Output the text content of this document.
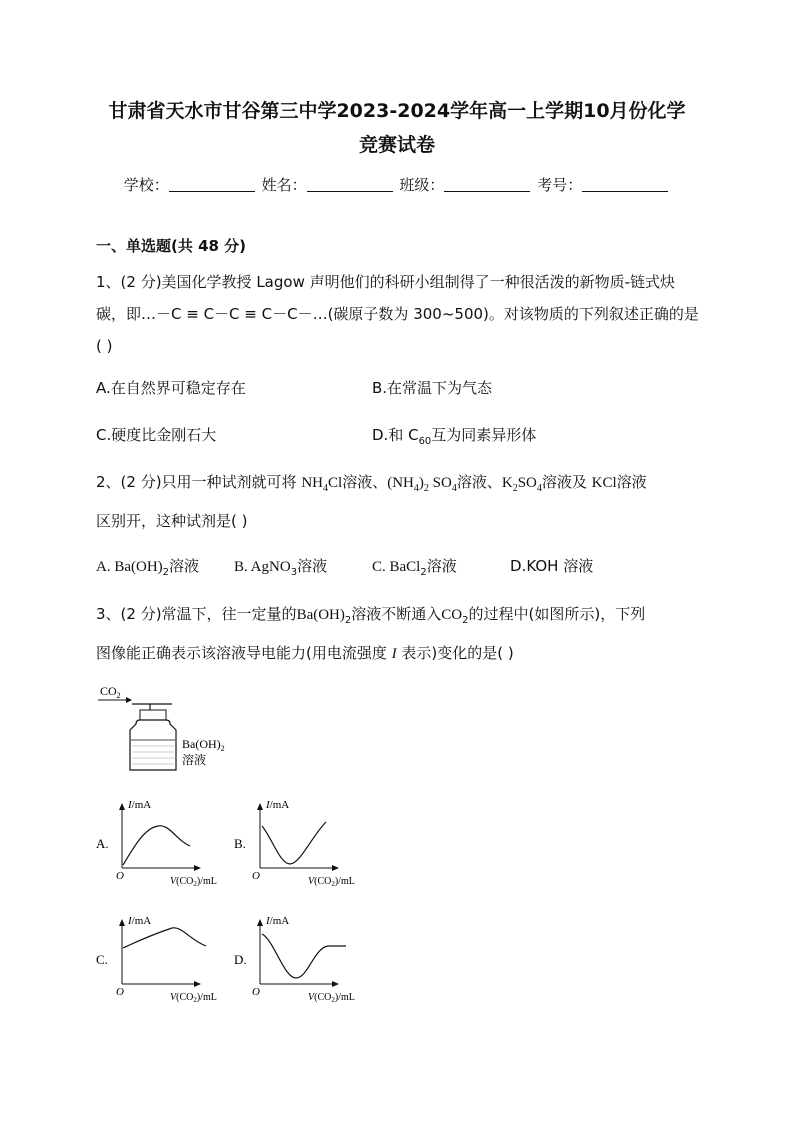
甘肃省天水市甘谷第三中学2023-2024学年高一上学期10月份化学
竞赛试卷
学校：	姓名：	班级：	考号：
一、单选题(共 48 分)
1、(2 分)美国化学教授 Lagow 声明他们的科研小组制得了一种很活泼的新物质-链式炔
碳，即…－C ≡ C－C ≡ C－C－…(碳原子数为 300~500)。对该物质的下列叙述正确的是
( )
A.在自然界可稳定存在	B.在常温下为气态
C.硬度比金刚石大	D.和 $C_{60}$互为同素异形体
2、(2 分)只用一种试剂就可将 $NH_4Cl$溶液、$(NH_4)_2$ $SO_4$溶液、$K_2SO_4$溶液及 KCl溶液
区别开，这种试剂是( )
A. $Ba(OH)_2$溶液 B. AgNO$_3$溶液	C. BaCl$_2$溶液	D.KOH 溶液
3、(2 分)常温下，往一定量的$Ba(OH)_2$溶液不断通入$CO_2$的过程中(如图所示)，下列
图像能正确表示该溶液导电能力(用电流强度 I 表示)变化的是( )
$CO_2$
$Ba(OH)_2$
溶液
A.
I/mA
O	$V(CO_2)/mL$
B.
I/mA
O	$V(CO_2)/mL$
C.
I/mA
O	$V(CO_2)/mL$
D.
I/mA
O	$V(CO_2)/mL$
